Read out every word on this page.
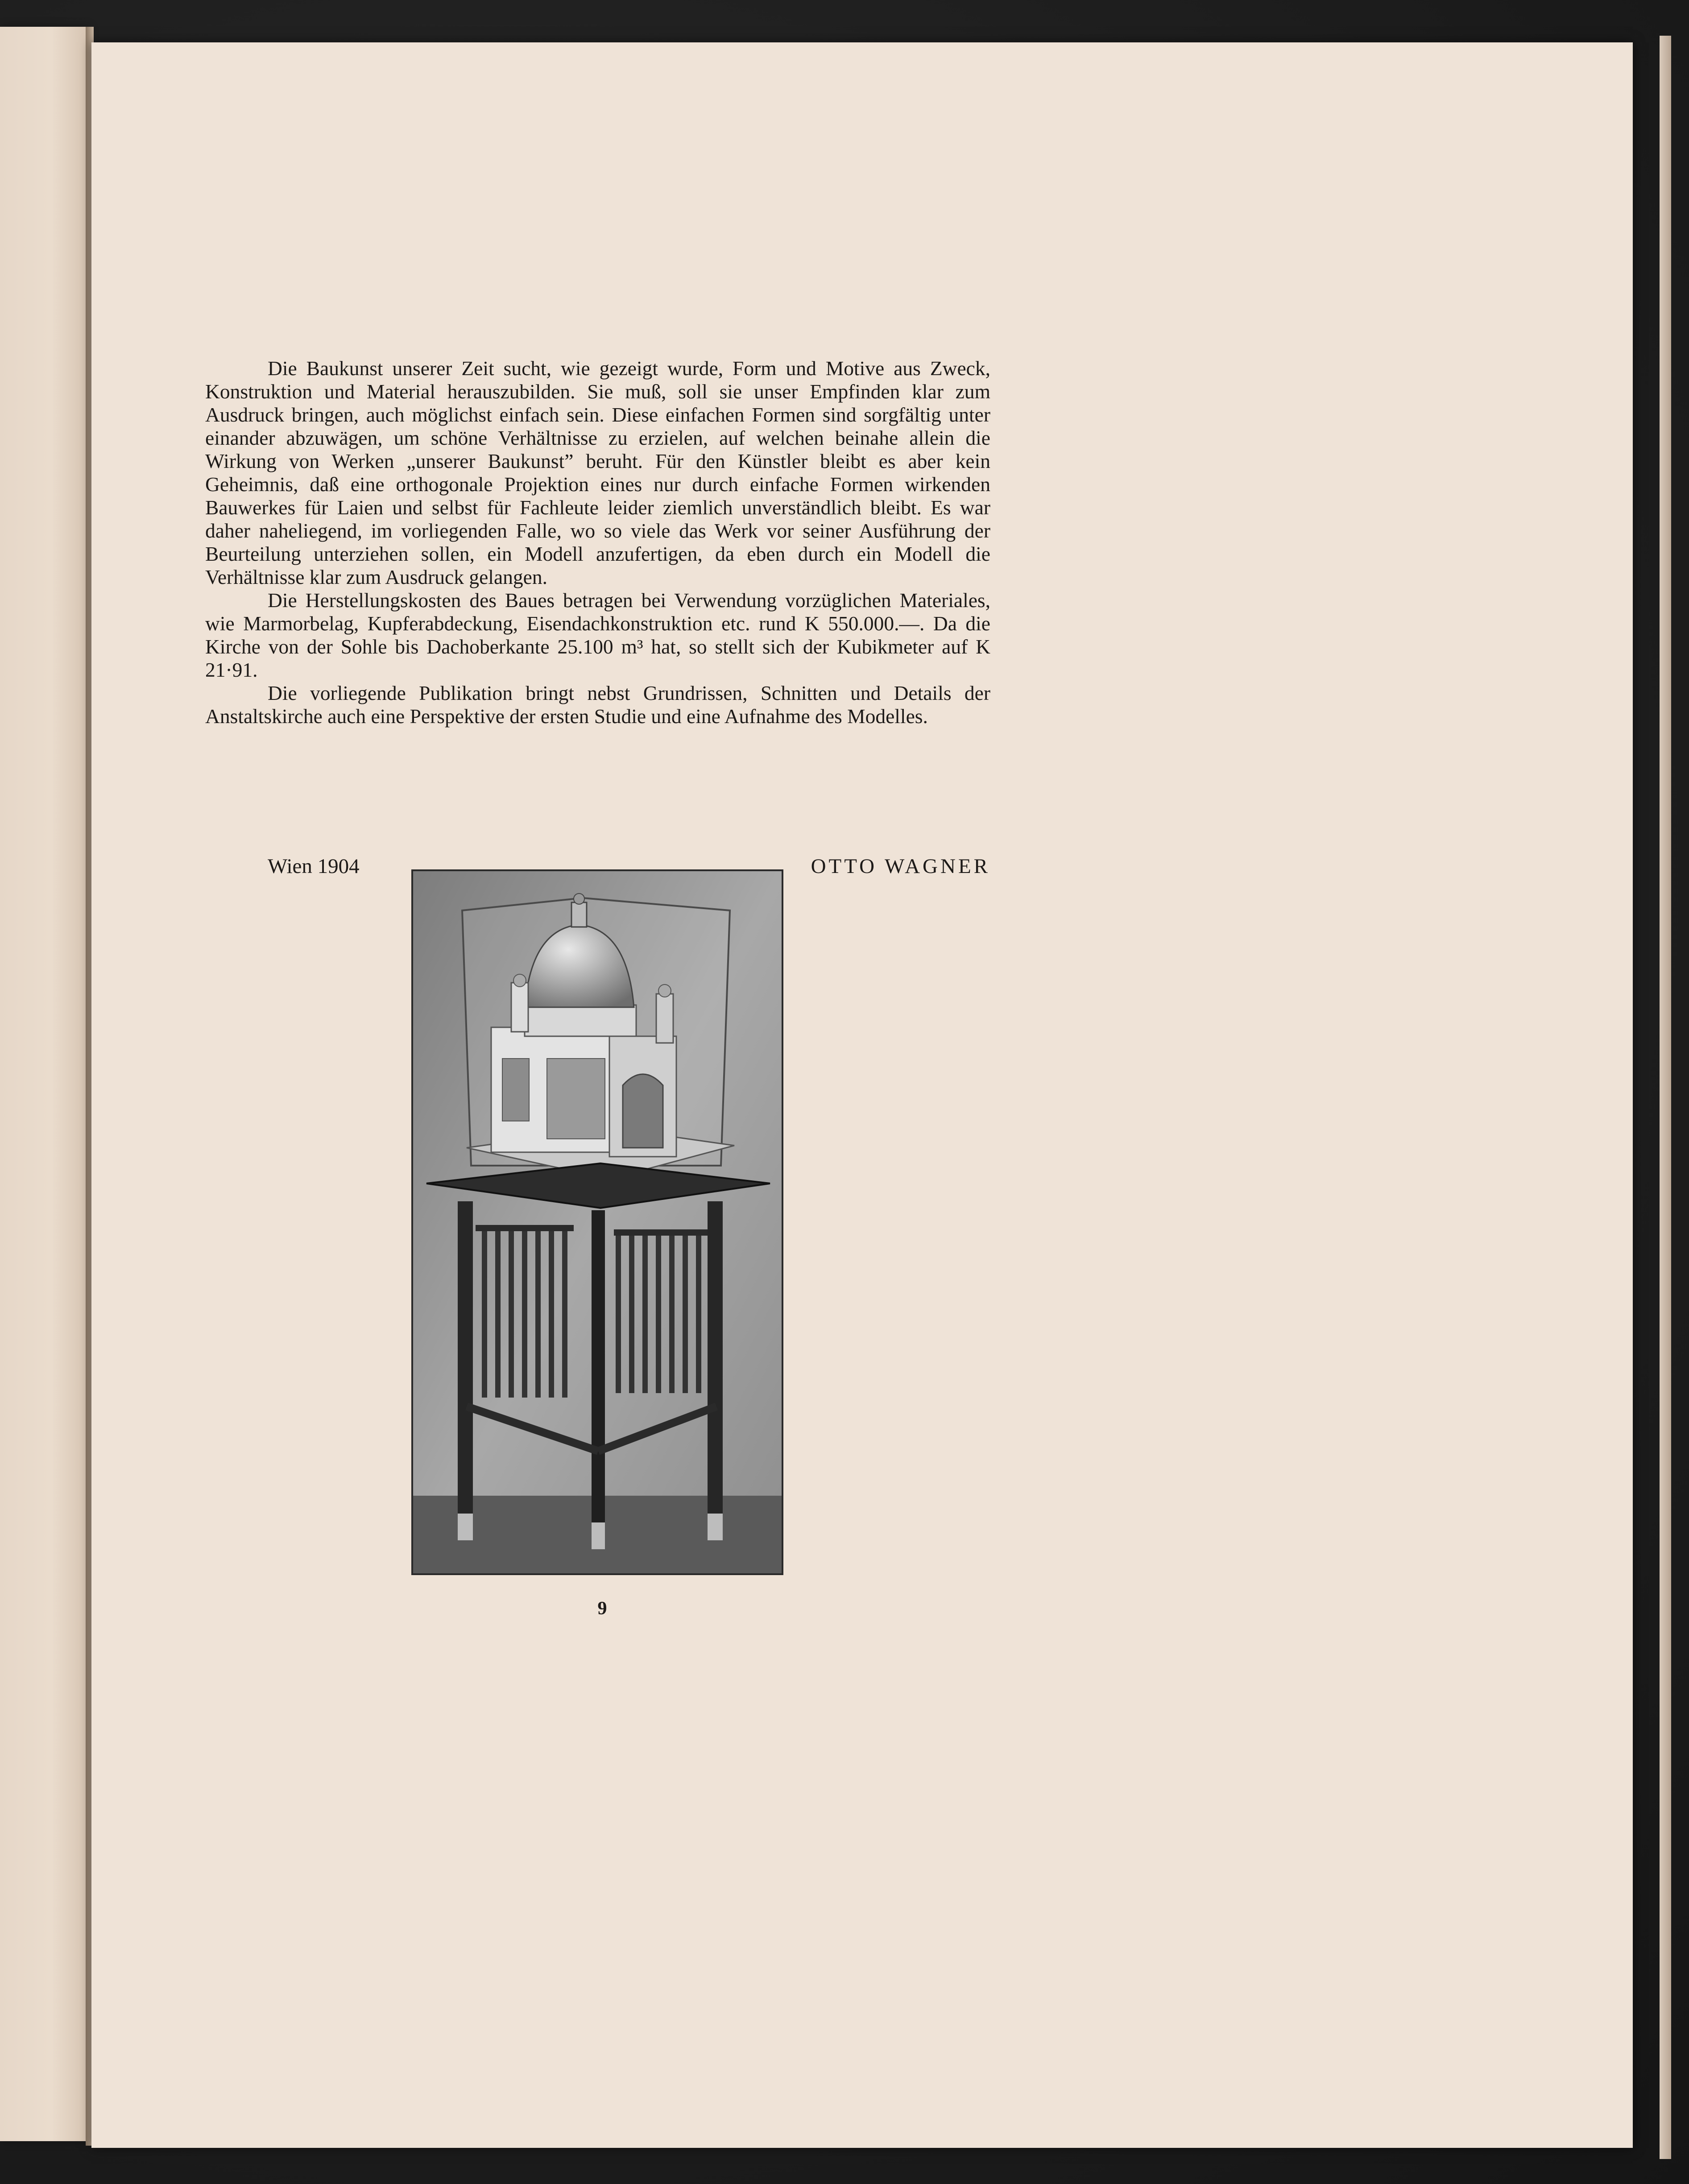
Die Baukunst unserer Zeit sucht, wie gezeigt wurde, Form und Motive aus Zweck, Konstruktion und Material herauszubilden. Sie muß, soll sie unser Empfinden klar zum Ausdruck bringen, auch möglichst einfach sein. Diese einfachen Formen sind sorgfältig unter einander abzuwägen, um schöne Verhältnisse zu erzielen, auf welchen beinahe allein die Wirkung von Werken „unserer Baukunst” beruht. Für den Künstler bleibt es aber kein Geheimnis, daß eine orthogonale Projektion eines nur durch einfache Formen wirkenden Bauwerkes für Laien und selbst für Fachleute leider ziemlich unverständlich bleibt. Es war daher naheliegend, im vorliegenden Falle, wo so viele das Werk vor seiner Ausführung der Beurteilung unterziehen sollen, ein Modell anzufertigen, da eben durch ein Modell die Verhältnisse klar zum Ausdruck gelangen.

Die Herstellungskosten des Baues betragen bei Verwendung vorzüglichen Materiales, wie Marmorbelag, Kupferabdeckung, Eisendachkonstruktion etc. rund K 550.000.—. Da die Kirche von der Sohle bis Dachoberkante 25.100 m³ hat, so stellt sich der Kubikmeter auf K 21·91.

Die vorliegende Publikation bringt nebst Grundrissen, Schnitten und Details der Anstaltskirche auch eine Perspektive der ersten Studie und eine Aufnahme des Modelles.

Wien 1904	OTTO WAGNER
9
